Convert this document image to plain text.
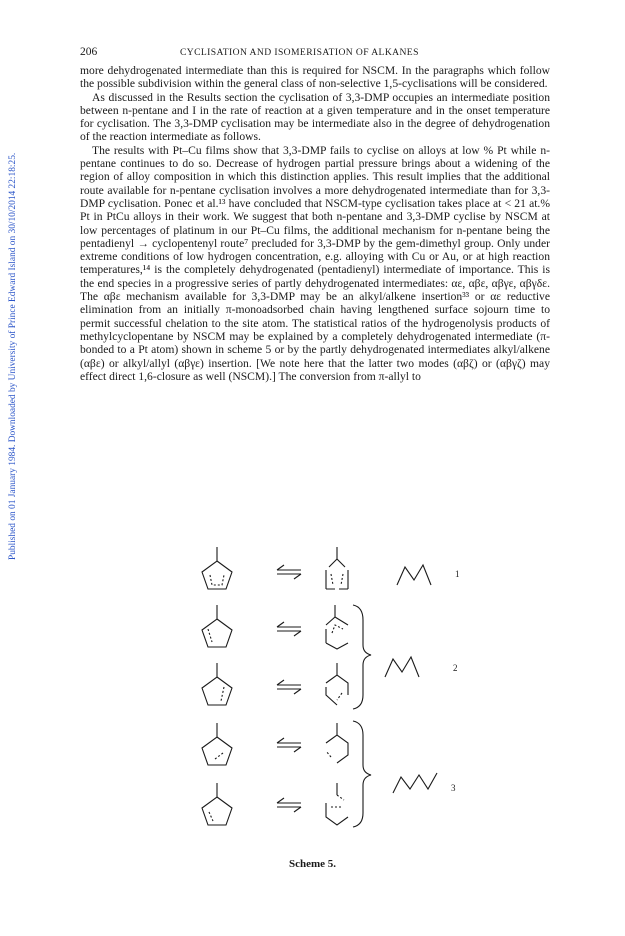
Published on 01 January 1984. Downloaded by University of Prince Edward Island on 30/10/2014 22:18:25.
206	CYCLISATION AND ISOMERISATION OF ALKANES

more dehydrogenated intermediate than this is required for NSCM. In the paragraphs which follow the possible subdivision within the general class of non-selective 1,5-cyclisations will be considered.

As discussed in the Results section the cyclisation of 3,3-DMP occupies an intermediate position between n-pentane and I in the rate of reaction at a given temperature and in the onset temperature for cyclisation. The 3,3-DMP cyclisation may be intermediate also in the degree of dehydrogenation of the reaction intermediate as follows.

The results with Pt–Cu films show that 3,3-DMP fails to cyclise on alloys at low % Pt while n-pentane continues to do so. Decrease of hydrogen partial pressure brings about a widening of the region of alloy composition in which this distinction applies. This result implies that the additional route available for n-pentane cyclisation involves a more dehydrogenated intermediate than for 3,3-DMP cyclisation. Ponec et al.¹³ have concluded that NSCM-type cyclisation takes place at < 21 at.% Pt in PtCu alloys in their work. We suggest that both n-pentane and 3,3-DMP cyclise by NSCM at low percentages of platinum in our Pt–Cu films, the additional mechanism for n-pentane being the pentadienyl → cyclopentenyl route⁷ precluded for 3,3-DMP by the gem-dimethyl group. Only under extreme conditions of low hydrogen concentration, e.g. alloying with Cu or Au, or at high reaction temperatures,¹⁴ is the completely dehydrogenated (pentadienyl) intermediate of importance. This is the end species in a progressive series of partly dehydrogenated intermediates: αε, αβε, αβγε, αβγδε. The αβε mechanism available for 3,3-DMP may be an alkyl/alkene insertion³³ or αε reductive elimination from an initially π-monoadsorbed chain having lengthened surface sojourn time to permit successful chelation to the site atom. The statistical ratios of the hydrogenolysis products of methylcyclopentane by NSCM may be explained by a completely dehydrogenated intermediate (π-bonded to a Pt atom) shown in scheme 5 or by the partly dehydrogenated intermediates alkyl/alkene (αβε) or alkyl/allyl (αβγε) insertion. [We note here that the latter two modes (αβζ) or (αβγζ) may effect direct 1,6-closure as well (NSCM).] The conversion from π-allyl to

1
2
3
Scheme 5.
